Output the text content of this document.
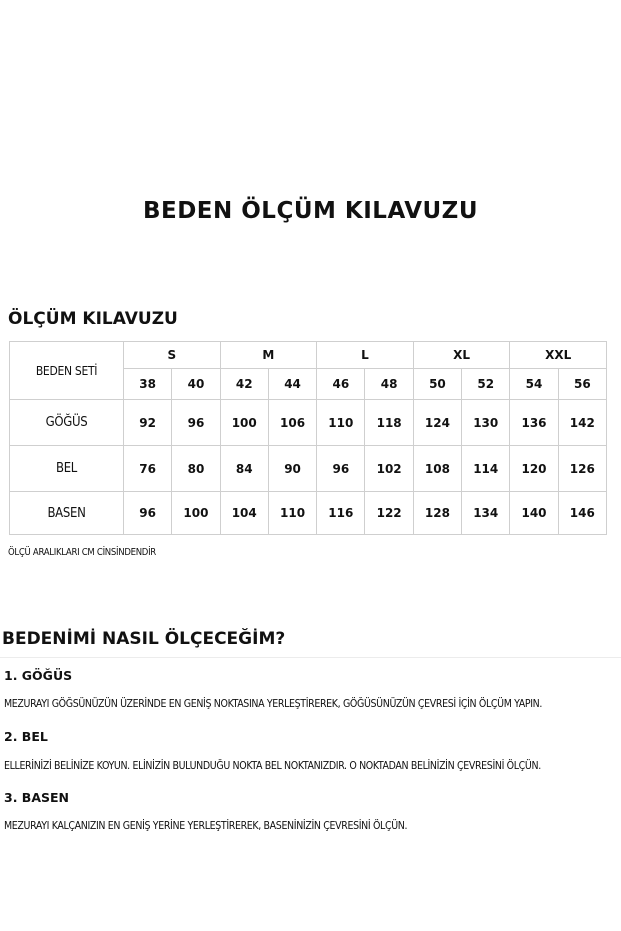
BEDEN ÖLÇÜM KILAVUZU
ÖLÇÜM KILAVUZU
BEDEN SETİ	S		M		L		XL		XXL	
	38	40	42	44	46	48	50	52	54	56
GÖĞÜS	92	96	100	106	110	118	124	130	136	142
BEL	76	80	84	90	96	102	108	114	120	126
BASEN	96	100	104	110	116	122	128	134	140	146
ÖLÇÜ ARALIKLARI CM CİNSİNDENDİR
BEDENİMİ NASIL ÖLÇECEĞİM?
1. GÖĞÜS
MEZURAYI GÖĞSÜNÜZÜN ÜZERİNDE EN GENİŞ NOKTASINA YERLEŞTİREREK, GÖĞÜSÜNÜZÜN ÇEVRESİ İÇİN ÖLÇÜM YAPIN.
2. BEL
ELLERİNİZİ BELİNİZE KOYUN. ELİNİZİN BULUNDUĞU NOKTA BEL NOKTANIZDIR. O NOKTADAN BELİNİZİN ÇEVRESİNİ ÖLÇÜN.
3. BASEN
MEZURAYI KALÇANIZIN EN GENİŞ YERİNE YERLEŞTİREREK, BASENİNİZİN ÇEVRESİNİ ÖLÇÜN.
